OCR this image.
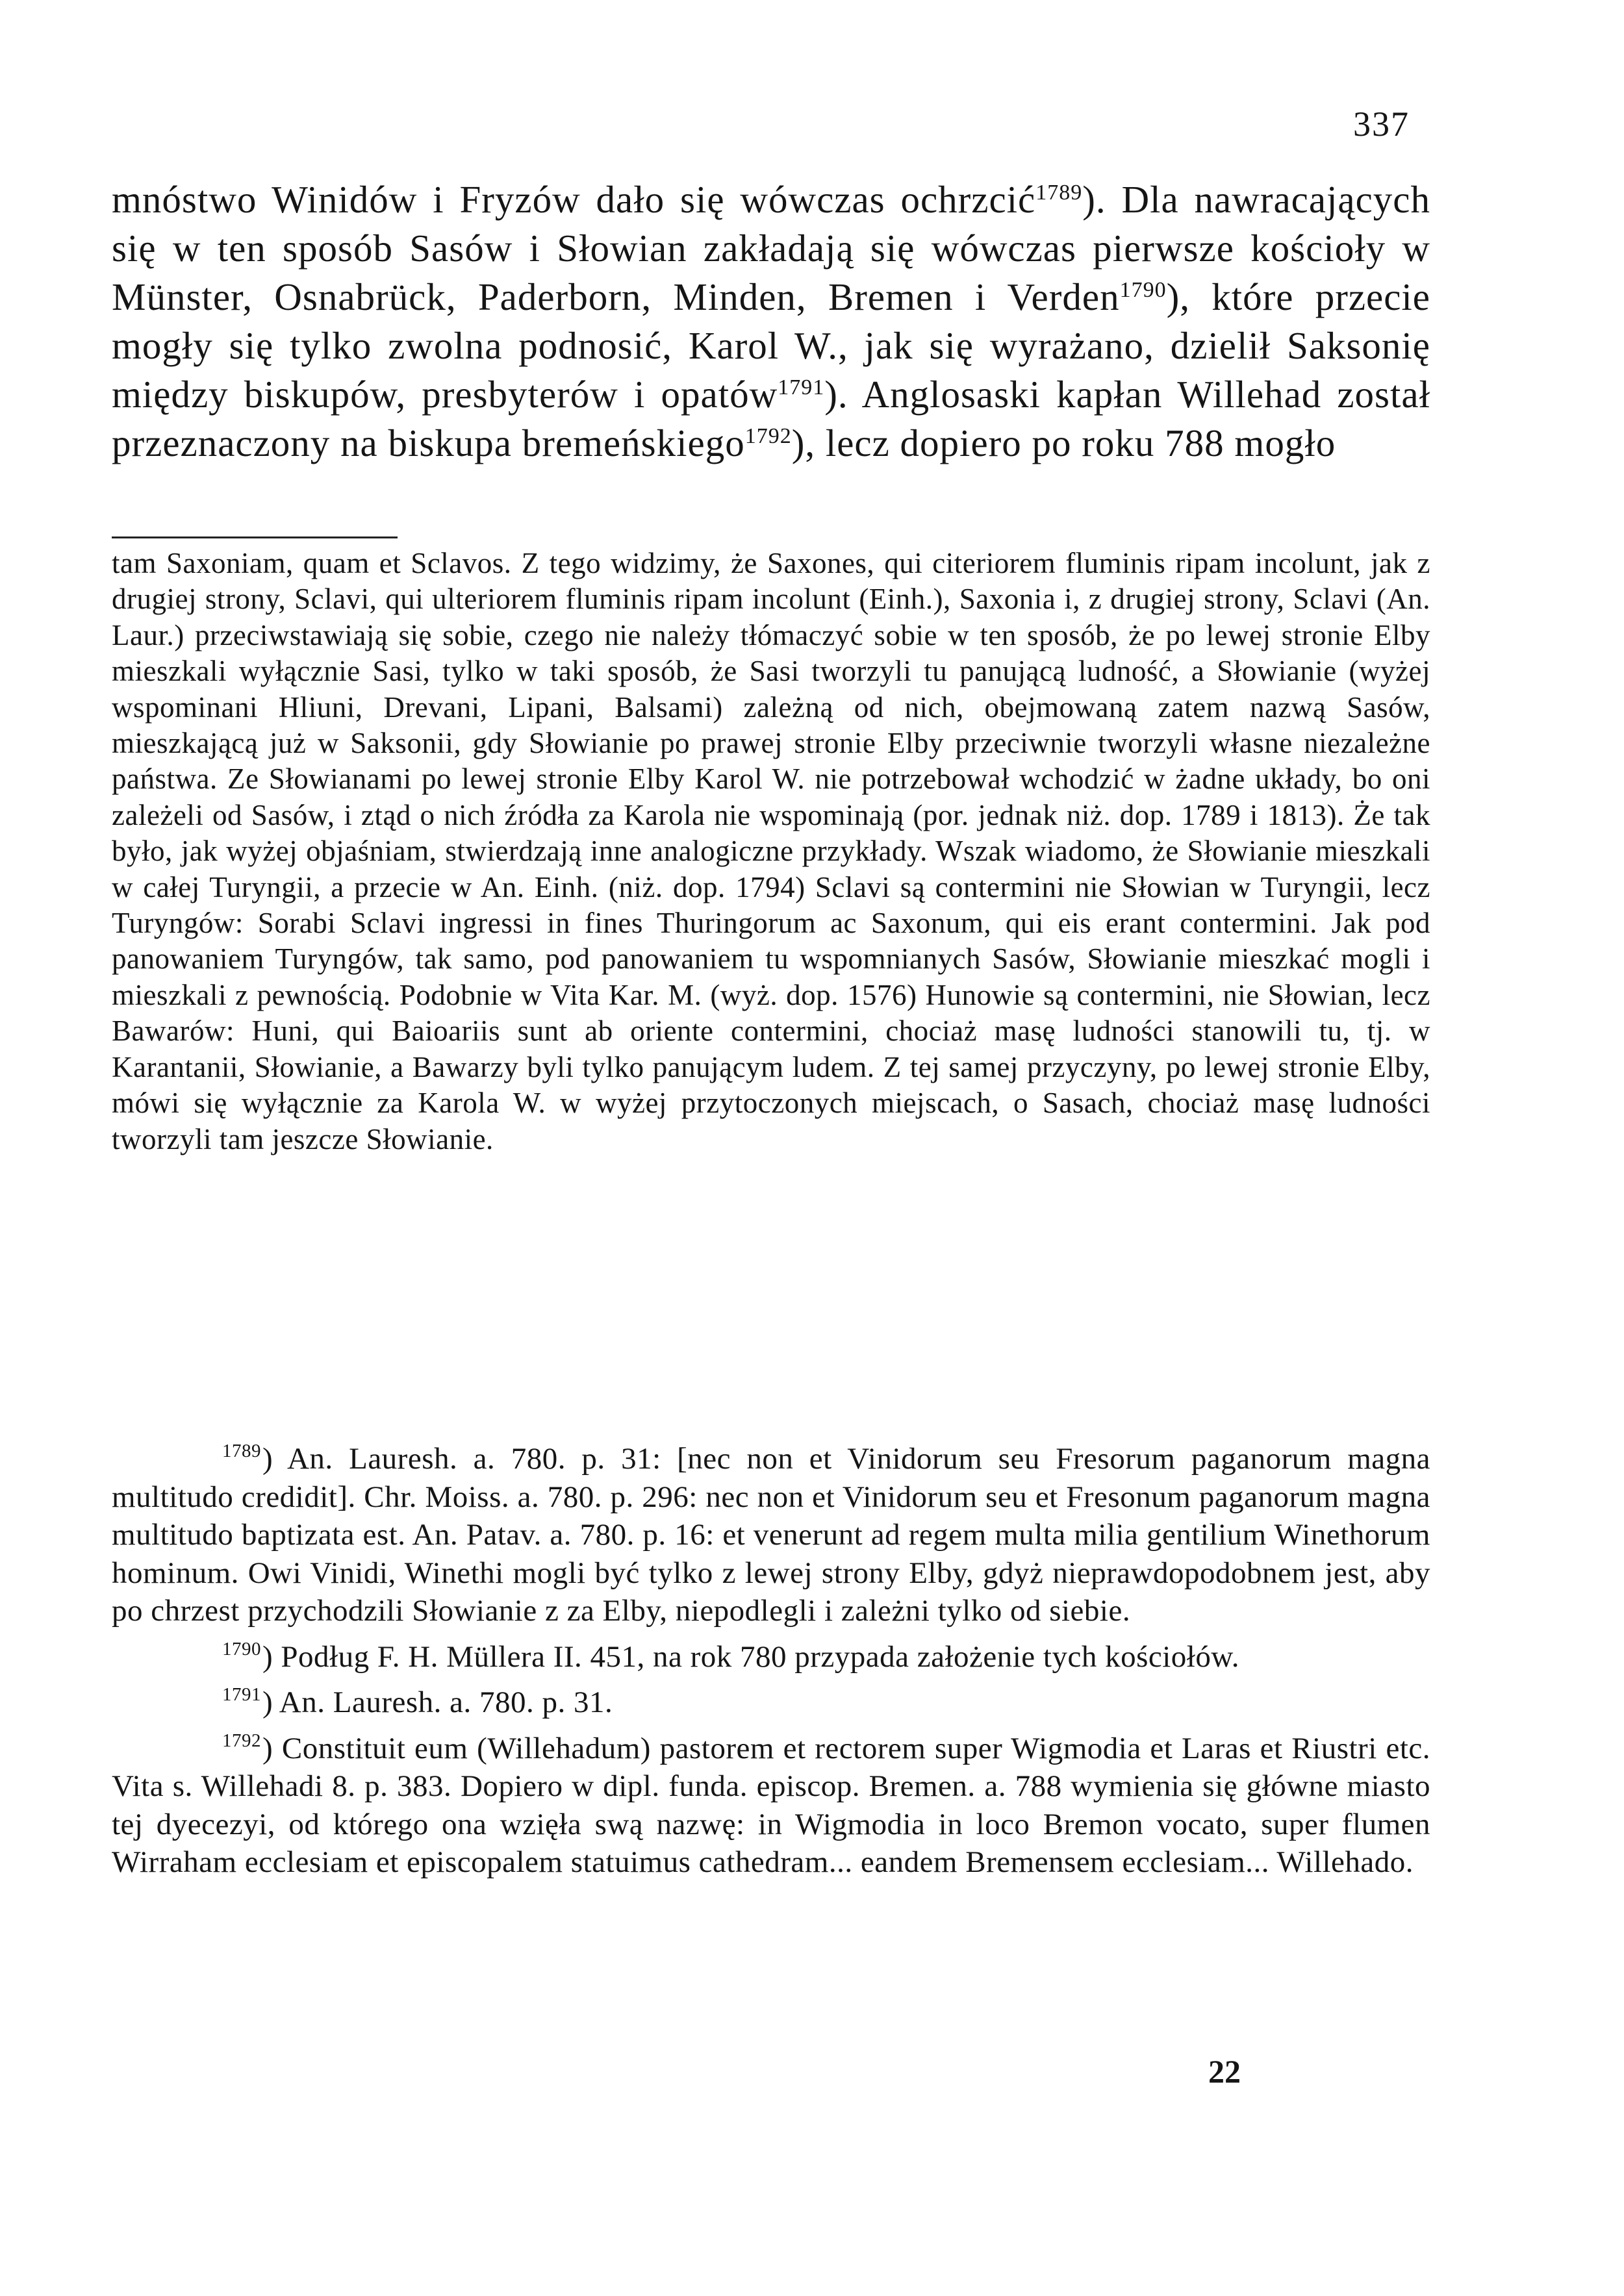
337

mnóstwo Winidów i Fryzów dało się wówczas ochrzcić$^{1789}$). Dla nawracających się w ten sposób Sasów i Słowian zakładają się wówczas pierwsze kościoły w Münster, Osnabrück, Paderborn, Minden, Bremen i Verden$^{1790}$), które przecie mogły się tylko zwolna podnosić, Karol W., jak się wyrażano, dzielił Saksonię między biskupów, presbyterów i opatów$^{1791}$). Anglosaski kapłan Willehad został przeznaczony na biskupa bremeńskiego$^{1792}$), lecz dopiero po roku 788 mogło

tam Saxoniam, quam et Sclavos. Z tego widzimy, że Saxones, qui citeriorem fluminis ripam incolunt, jak z drugiej strony, Sclavi, qui ulteriorem fluminis ripam incolunt (Einh.), Saxonia i, z drugiej strony, Sclavi (An. Laur.) przeciwstawiają się sobie, czego nie należy tłómaczyć sobie w ten sposób, że po lewej stronie Elby mieszkali wyłącznie Sasi, tylko w taki sposób, że Sasi tworzyli tu panującą ludność, a Słowianie (wyżej wspominani Hliuni, Drevani, Lipani, Balsami) zależną od nich, obejmowaną zatem nazwą Sasów, mieszkającą już w Saksonii, gdy Słowianie po prawej stronie Elby przeciwnie tworzyli własne niezależne państwa. Ze Słowianami po lewej stronie Elby Karol W. nie potrzebował wchodzić w żadne układy, bo oni zależeli od Sasów, i ztąd o nich źródła za Karola nie wspominają (por. jednak niż. dop. 1789 i 1813). Że tak było, jak wyżej objaśniam, stwierdzają inne analogiczne przykłady. Wszak wiadomo, że Słowianie mieszkali w całej Turyngii, a przecie w An. Einh. (niż. dop. 1794) Sclavi są contermini nie Słowian w Turyngii, lecz Turyngów: Sorabi Sclavi ingressi in fines Thuringorum ac Saxonum, qui eis erant contermini. Jak pod panowaniem Turyngów, tak samo, pod panowaniem tu wspomnianych Sasów, Słowianie mieszkać mogli i mieszkali z pewnością. Podobnie w Vita Kar. M. (wyż. dop. 1576) Hunowie są contermini, nie Słowian, lecz Bawarów: Huni, qui Baioariis sunt ab oriente contermini, chociaż masę ludności stanowili tu, tj. w Karantanii, Słowianie, a Bawarzy byli tylko panującym ludem. Z tej samej przyczyny, po lewej stronie Elby, mówi się wyłącznie za Karola W. w wyżej przytoczonych miejscach, o Sasach, chociaż masę ludności tworzyli tam jeszcze Słowianie.

$^{1789}$) An. Lauresh. a. 780. p. 31: [nec non et Vinidorum seu Fresorum paganorum magna multitudo credidit]. Chr. Moiss. a. 780. p. 296: nec non et Vinidorum seu et Fresonum paganorum magna multitudo baptizata est. An. Patav. a. 780. p. 16: et venerunt ad regem multa milia gentilium Winethorum hominum. Owi Vinidi, Winethi mogli być tylko z lewej strony Elby, gdyż nieprawdopodobnem jest, aby po chrzest przychodzili Słowianie z za Elby, niepodlegli i zależni tylko od siebie.

$^{1790}$) Podług F. H. Müllera II. 451, na rok 780 przypada założenie tych kościołów.

$^{1791}$) An. Lauresh. a. 780. p. 31.

$^{1792}$) Constituit eum (Willehadum) pastorem et rectorem super Wigmodia et Laras et Riustri etc. Vita s. Willehadi 8. p. 383. Dopiero w dipl. funda. episcop. Bremen. a. 788 wymienia się główne miasto tej dyecezyi, od którego ona wzięła swą nazwę: in Wigmodia in loco Bremon vocato, super flumen Wirraham ecclesiam et episcopalem statuimus cathedram... eandem Bremensem ecclesiam... Willehado.

22
